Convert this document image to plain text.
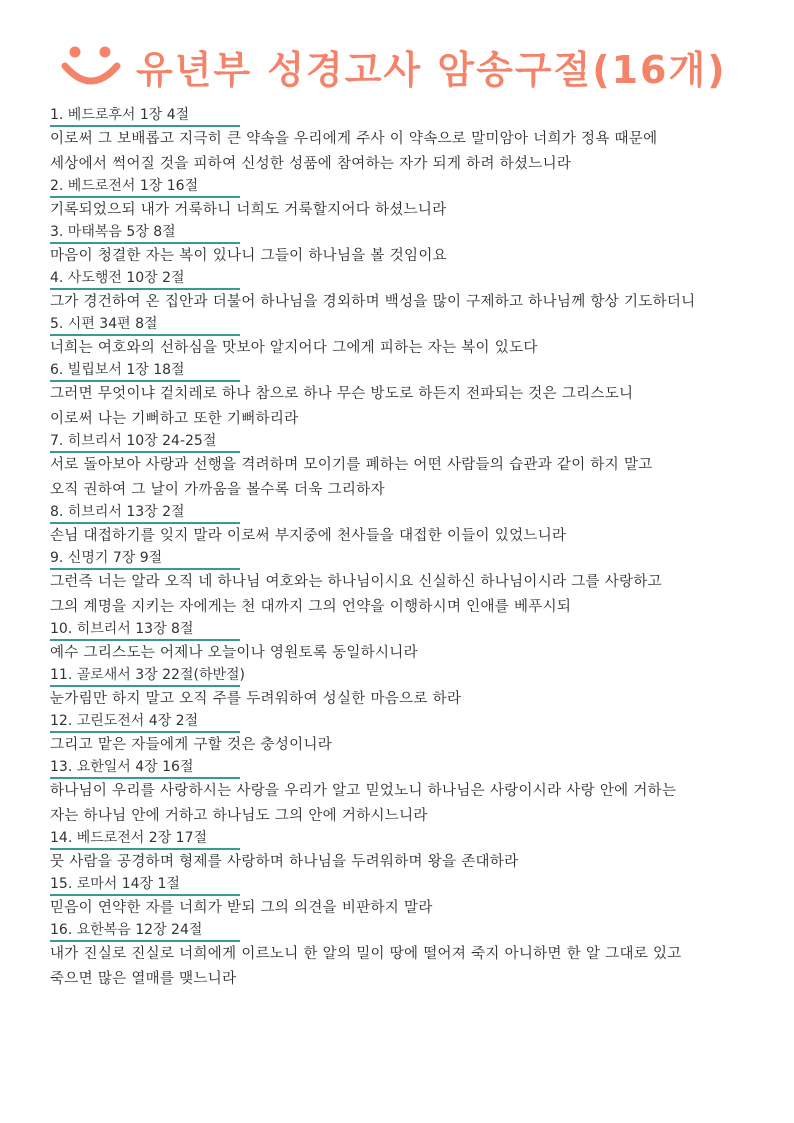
유년부 성경고사 암송구절(16개)
1. 베드로후서 1장 4절
이로써 그 보배롭고 지극히 큰 약속을 우리에게 주사 이 약속으로 말미암아 너희가 정욕 때문에
세상에서 썩어질 것을 피하여 신성한 성품에 참여하는 자가 되게 하려 하셨느니라
2. 베드로전서 1장 16절
기록되었으되 내가 거룩하니 너희도 거룩할지어다 하셨느니라
3. 마태복음 5장 8절
마음이 청결한 자는 복이 있나니 그들이 하나님을 볼 것임이요
4. 사도행전 10장 2절
그가 경건하여 온 집안과 더불어 하나님을 경외하며 백성을 많이 구제하고 하나님께 항상 기도하더니
5. 시편 34편 8절
너희는 여호와의 선하심을 맛보아 알지어다 그에게 피하는 자는 복이 있도다
6. 빌립보서 1장 18절
그러면 무엇이냐 겉치레로 하나 참으로 하나 무슨 방도로 하든지 전파되는 것은 그리스도니
이로써 나는 기뻐하고 또한 기뻐하리라
7. 히브리서 10장 24-25절
서로 돌아보아 사랑과 선행을 격려하며 모이기를 폐하는 어떤 사람들의 습관과 같이 하지 말고
오직 권하여 그 날이 가까움을 볼수록 더욱 그리하자
8. 히브리서 13장 2절
손님 대접하기를 잊지 말라 이로써 부지중에 천사들을 대접한 이들이 있었느니라
9. 신명기 7장 9절
그런즉 너는 알라 오직 네 하나님 여호와는 하나님이시요 신실하신 하나님이시라 그를 사랑하고
그의 계명을 지키는 자에게는 천 대까지 그의 언약을 이행하시며 인애를 베푸시되
10. 히브리서 13장 8절
예수 그리스도는 어제나 오늘이나 영원토록 동일하시니라
11. 골로새서 3장 22절(하반절)
눈가림만 하지 말고 오직 주를 두려워하여 성실한 마음으로 하라
12. 고린도전서 4장 2절
그리고 맡은 자들에게 구할 것은 충성이니라
13. 요한일서 4장 16절
하나님이 우리를 사랑하시는 사랑을 우리가 알고 믿었노니 하나님은 사랑이시라 사랑 안에 거하는
자는 하나님 안에 거하고 하나님도 그의 안에 거하시느니라
14. 베드로전서 2장 17절
뭇 사람을 공경하며 형제를 사랑하며 하나님을 두려워하며 왕을 존대하라
15. 로마서 14장 1절
믿음이 연약한 자를 너희가 받되 그의 의견을 비판하지 말라
16. 요한복음 12장 24절
내가 진실로 진실로 너희에게 이르노니 한 알의 밀이 땅에 떨어져 죽지 아니하면 한 알 그대로 있고
죽으면 많은 열매를 맺느니라
